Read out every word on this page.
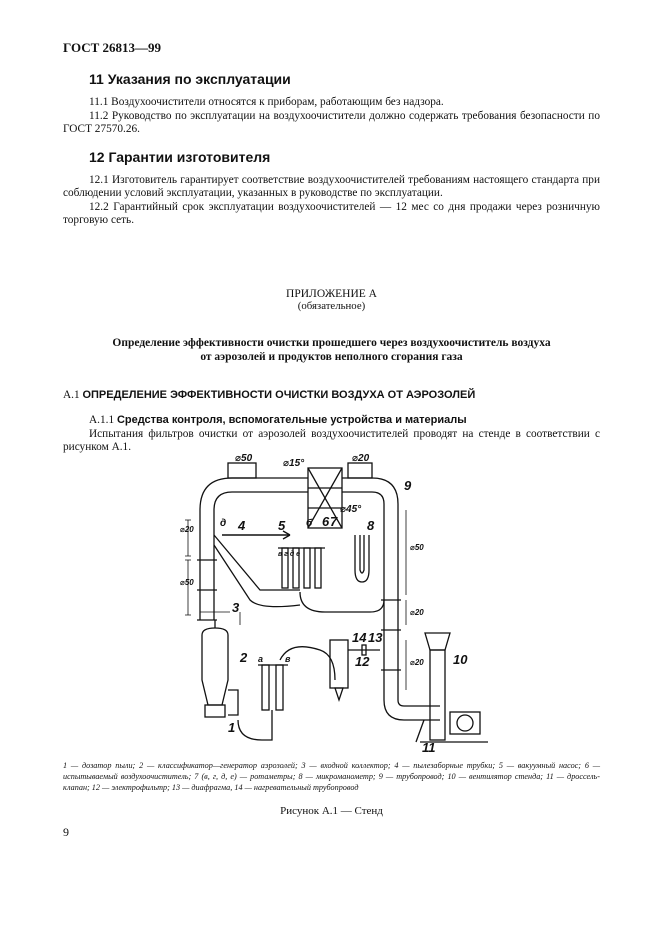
ГОСТ 26813—99
11 Указания по эксплуатации

11.1 Воздухоочистители относятся к приборам, работающим без надзора.

11.2 Руководство по эксплуатации на воздухоочистители должно содержать требования безопасности по ГОСТ 27570.26.

12 Гарантии изготовителя

12.1 Изготовитель гарантирует соответствие воздухоочистителей требованиям настоящего стандарта при соблюдении условий эксплуатации, указанных в руководстве по эксплуатации.

12.2 Гарантийный срок эксплуатации воздухоочистителей — 12 мес со дня продажи через розничную торговую сеть.

ПРИЛОЖЕНИЕ А
(обязательное)
Определение эффективности очистки прошедшего через воздухоочиститель воздуха
от аэрозолей и продуктов неполного сгорания газа
А.1 ОПРЕДЕЛЕНИЕ ЭФФЕКТИВНОСТИ ОЧИСТКИ ВОЗДУХА ОТ АЭРОЗОЛЕЙ
А.1.1 Средства контроля, вспомогательные устройства и материалы

Испытания фильтров очистки от аэрозолей воздухоочистителей проводят на стенде в соответствии с рисунком А.1.

⌀50	⌀15°	⌀20
⌀45°
⌀20
⌀50
⌀50
⌀20
⌀20
д	б
а в
в г д е
1
2
3
4	5	6 7 8
9
10
11
12
13
14
1 — дозатор пыли; 2 — классификатор—генератор аэрозолей; 3 — входной коллектор; 4 — пылезаборные трубки; 5 — вакуумный насос; 6 — испытываемый воздухоочиститель; 7 (в, г, д, е) — ротаметры; 8 — микроманометр; 9 — трубопровод; 10 — вентилятор стенда; 11 — дроссель-клапан; 12 — электрофильтр; 13 — диафрагма, 14 — нагревательный трубопровод
Рисунок А.1 — Стенд
9
